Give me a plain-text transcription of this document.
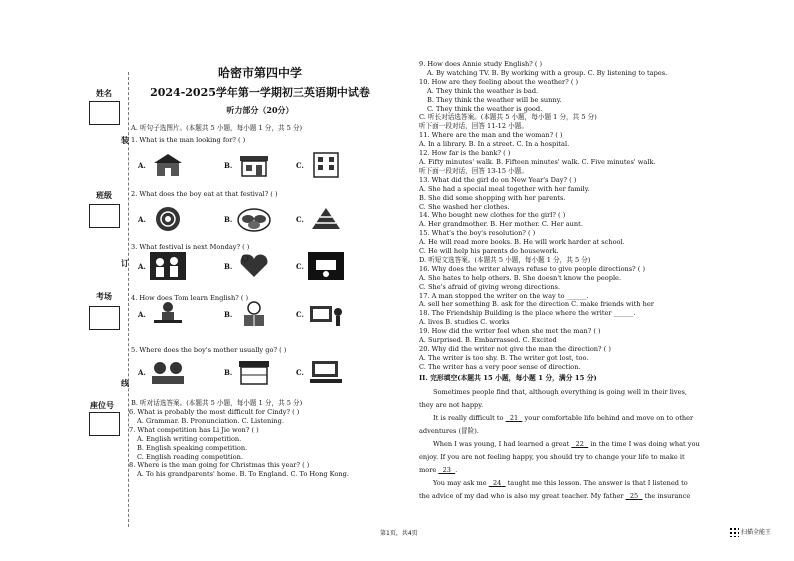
姓名
班级
考场
座位号
装
订
线
哈密市第四中学
2024-2025学年第一学期初三英语期中试卷
听力部分（20分）
A. 听句子选图片。(本题共 5 小题，每小题 1 分，共 5 分)
1. What is the man looking for? ( )
A.	B.	C.
2. What does the boy eat at that festival? ( )
A.	B.	C.
3. What festival is next Monday? ( )
A.	B.	C.
4. How does Tom learn English? ( )
A.	B.	C.
5. Where does the boy's mother usually go? ( )
A.	B.	C.
B. 听对话选答案。(本题共 5 小题，每小题 1 分，共 5 分)
6. What is probably the most difficult for Cindy? ( )
A. Grammar. B. Pronunciation. C. Listening.
7. What competition has Li Jie won? ( )
A. English writing competition.
B. English speaking competition.
C. English reading competition.
8. Where is the man going for Christmas this year? ( )
A. To his grandparents' home. B. To England. C. To Hong Kong.
9. How does Annie study English? ( )
A. By watching TV. B. By working with a group. C. By listening to tapes.
10. How are they feeling about the weather? ( )
A. They think the weather is bad.
B. They think the weather will be sunny.
C. They think the weather is good.
C. 听长对话选答案。(本题共 5 小题，每小题 1 分，共 5 分)
听下面一段对话，回答 11-12 小题。
11. Where are the man and the woman? ( )
A. In a library. B. In a street. C. In a hospital.
12. How far is the bank? ( )
A. Fifty minutes' walk. B. Fifteen minutes' walk. C. Five minutes' walk.
听下面一段对话，回答 13-15 小题。
13. What did the girl do on New Year's Day? ( )
A. She had a special meal together with her family.
B. She did some shopping with her parents.
C. She washed her clothes.
14. Who bought new clothes for the girl? ( )
A. Her grandmother. B. Her mother. C. Her aunt.
15. What's the boy's resolution? ( )
A. He will read more books. B. He will work harder at school.
C. He will help his parents do housework.
D. 听短文选答案。(本题共 5 小题，每小题 1 分，共 5 分)
16. Why does the writer always refuse to give people directions? ( )
A. She hates to help others. B. She doesn't know the people.
C. She's afraid of giving wrong directions.
17. A man stopped the writer on the way to ______.
A. sell her something B. ask for the direction C. make friends with her
18. The Friendship Building is the place where the writer ______.
A. lives B. studies C. works
19. How did the writer feel when she met the man? ( )
A. Surprised. B. Embarrassed. C. Excited
20. Why did the writer not give the man the direction? ( )
A. The writer is too shy. B. The writer got lost, too.
C. The writer has a very poor sense of direction.
II. 完形填空(本题共 15 小题，每小题 1 分，满分 15 分)
Sometimes people find that, although everything is going well in their lives,
they are not happy.
It is really difficult to   21   your comfortable life behind and move on to other
adventures (冒险).
When I was young, I had learned a great   22   in the time I was doing what you
enjoy. If you are not feeling happy, you should try to change your life to make it
more   23 .
You may ask me   24   taught me this lesson. The answer is that I listened to
the advice of my dad who is also my great teacher. My father   25   the insurance
第1页，共4页	扫描全能王
